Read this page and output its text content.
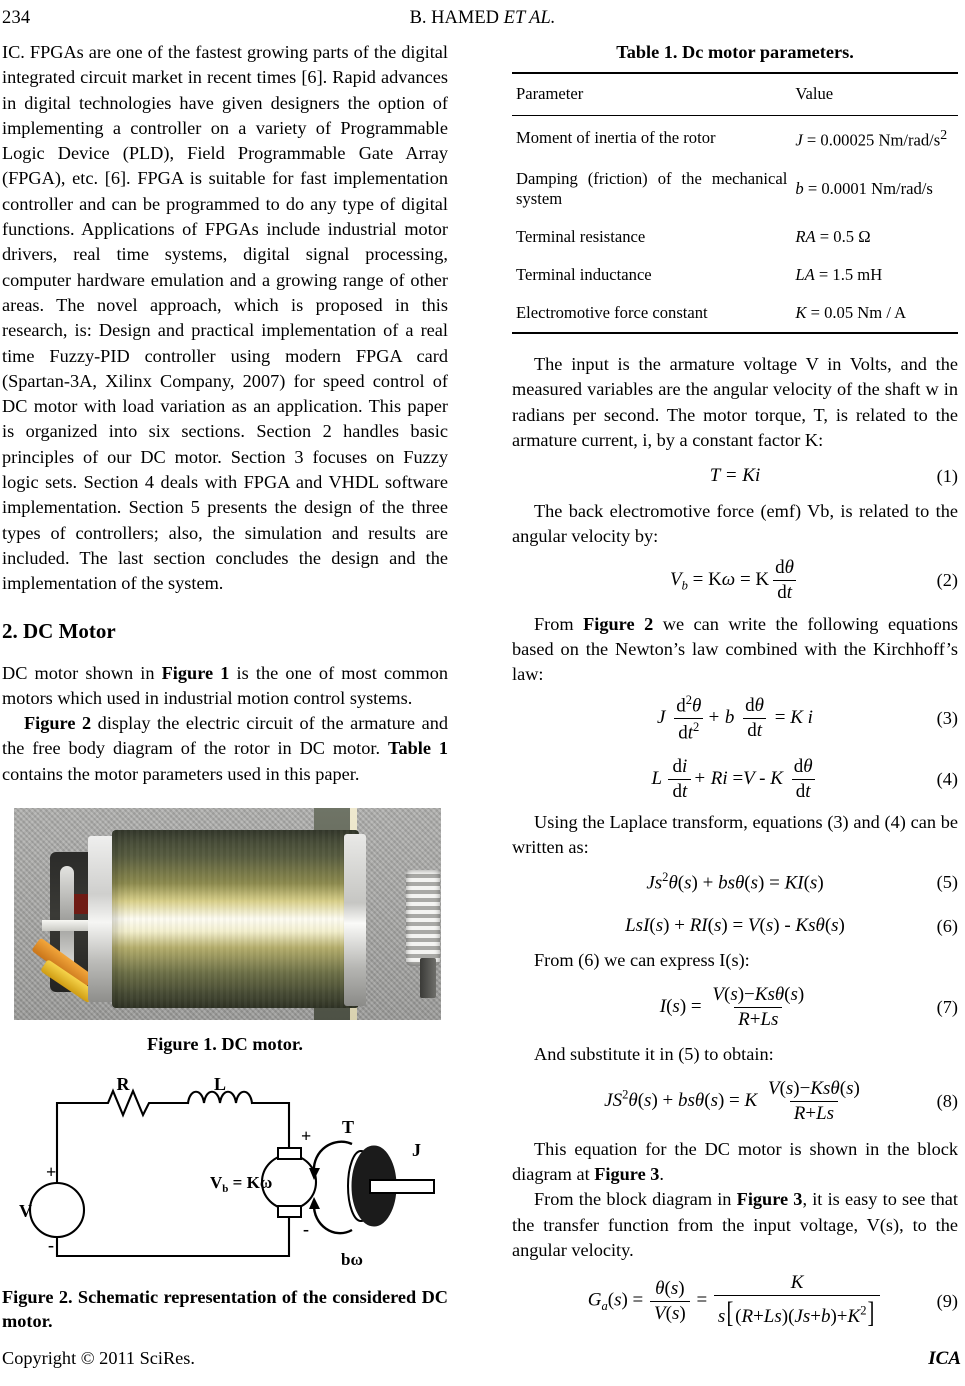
234	B. HAMED ET AL.

IC. FPGAs are one of the fastest growing parts of the digital integrated circuit market in recent times [6]. Rapid advances in digital technologies have given designers the option of implementing a controller on a variety of Programmable Logic Device (PLD), Field Programmable Gate Array (FPGA), etc. [6]. FPGA is suitable for fast implementation controller and can be programmed to do any type of digital functions. Applications of FPGAs include industrial motor drivers, real time systems, digital signal processing, computer hardware emulation and a growing range of other areas. The novel approach, which is proposed in this research, is: Design and practical implementation of a real time Fuzzy-PID controller using modern FPGA card (Spartan-3A, Xilinx Company, 2007) for speed control of DC motor with load variation as an application. This paper is organized into six sections. Section 2 handles basic principles of our DC motor. Section 3 focuses on Fuzzy logic sets. Section 4 deals with FPGA and VHDL software implementation. Section 5 presents the design of the three types of controllers; also, the simulation and results are included. The last section concludes the design and the implementation of the system.

2. DC Motor

DC motor shown in Figure 1 is the one of most common motors which used in industrial motion control systems.

Figure 2 display the electric circuit of the armature and the free body diagram of the rotor in DC motor. Table 1 contains the motor parameters used in this paper.

Figure 1. DC motor.
R	L
V
+
-
+
-
$V_b = K\omega$
T
J
bω
Figure 2. Schematic representation of the considered DC motor.
Table 1. Dc motor parameters.
Parameter	Value
Moment of inertia of the rotor	J = 0.00025 $Nm/rad/s^2$
Damping (friction) of the mechanical system	b = 0.0001 Nm/rad/s
Terminal resistance	RA = 0.5 Ω
Terminal inductance	LA = 1.5 mH
Electromotive force constant	K = 0.05 Nm / A

The input is the armature voltage V in Volts, and the measured variables are the angular velocity of the shaft w in radians per second. The motor torque, T, is related to the armature current, i, by a constant factor K:

T = Ki	(1)

The back electromotive force (emf) Vb, is related to the angular velocity by:

$V_b = K\omega = K \frac{d\theta}{dt}$	(2)

From Figure 2 we can write the following equations based on the Newton’s law combined with the Kirchhoff’s law:

J $\frac{d^2\theta}{dt^2} + b \frac{d\theta}{dt} = K$ i	(3)
L $\frac{di}{dt} + Ri =V - K \frac{d\theta}{dt}$	(4)

Using the Laplace transform, equations (3) and (4) can be written as:

$Js^2\theta(s) + bs\theta(s) = KI(s)$	(5)
LsI(s) + RI(s) = V(s) - Ksθ(s)	(6)

From (6) we can express I(s):

$I(s) = \frac{\text{V(s)−Ksθ(s)}}{R+Ls}$	(7)

And substitute it in (5) to obtain:

$JS^2\theta(s) + bs\theta(s) = K \frac{\text{V(s)−Ksθ(s)}}{R+Ls}$	(8)

This equation for the DC motor is shown in the block diagram at Figure 3.

From the block diagram in Figure 3, it is easy to see that the transfer function from the input voltage, V(s), to the angular velocity.

$G_a(s) = \frac{\theta(s)}{V(s)} = \frac{K}{s[(R+Ls)(Js+b)+K^2]}$	(9)
Copyright © 2011 SciRes.	ICA
